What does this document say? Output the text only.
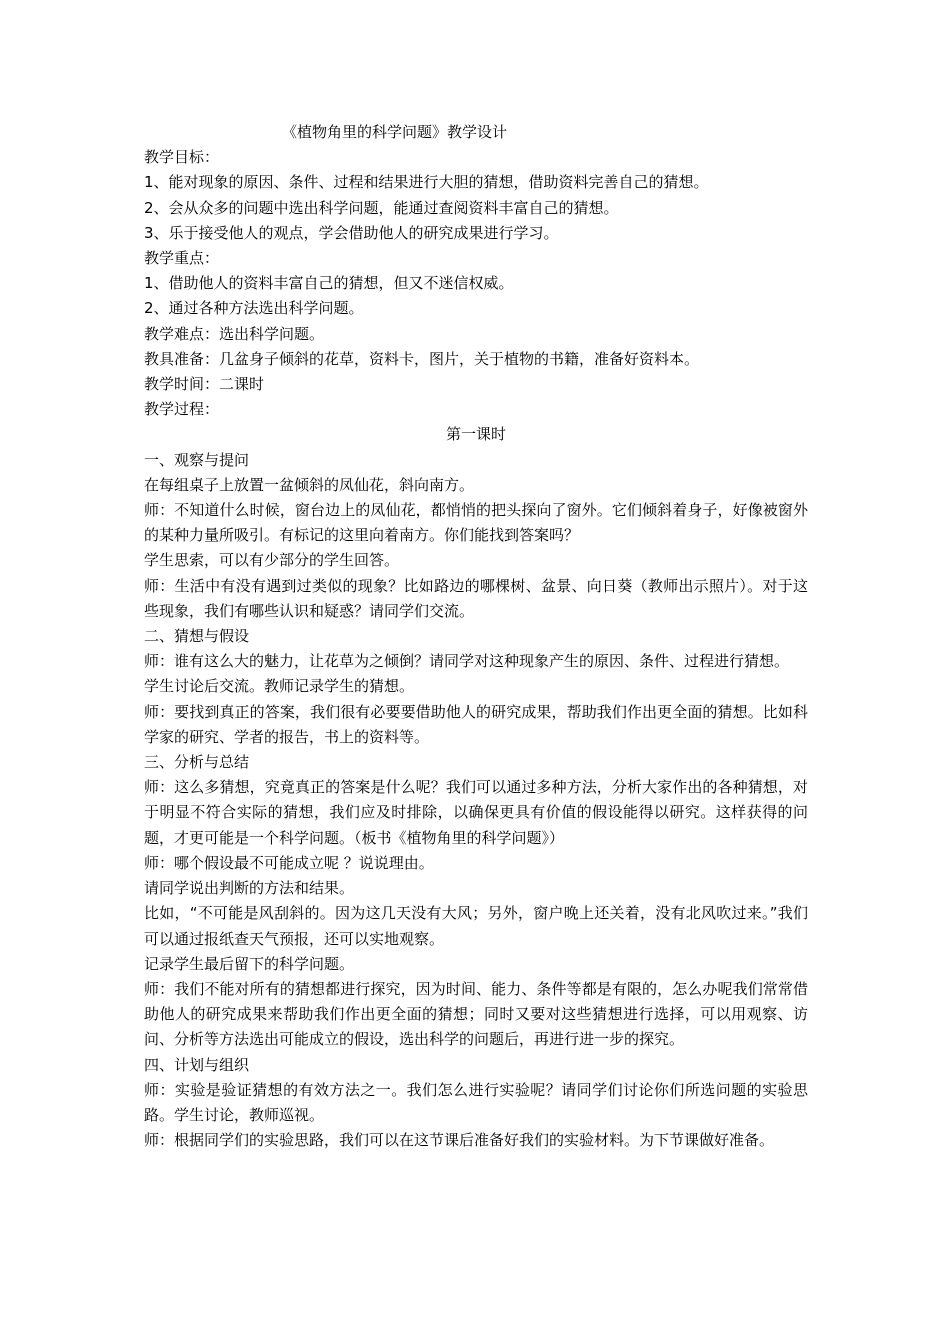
《植物角里的科学问题》教学设计

教学目标：

1、能对现象的原因、条件、过程和结果进行大胆的猜想，借助资料完善自己的猜想。

2、会从众多的问题中选出科学问题，能通过查阅资料丰富自己的猜想。

3、乐于接受他人的观点，学会借助他人的研究成果进行学习。

教学重点：

1、借助他人的资料丰富自己的猜想，但又不迷信权威。

2、通过各种方法选出科学问题。

教学难点：选出科学问题。

教具准备：几盆身子倾斜的花草，资料卡，图片，关于植物的书籍，准备好资料本。

教学时间：二课时

教学过程：

第一课时

一、观察与提问

在每组桌子上放置一盆倾斜的凤仙花，斜向南方。

师：不知道什么时候，窗台边上的凤仙花，都悄悄的把头探向了窗外。它们倾斜着身子，好像被窗外的某种力量所吸引。有标记的这里向着南方。你们能找到答案吗？

学生思索，可以有少部分的学生回答。

师：生活中有没有遇到过类似的现象？比如路边的哪棵树、盆景、向日葵（教师出示照片）。对于这些现象，我们有哪些认识和疑惑？请同学们交流。

二、猜想与假设

师：谁有这么大的魅力，让花草为之倾倒？请同学对这种现象产生的原因、条件、过程进行猜想。

学生讨论后交流。教师记录学生的猜想。

师：要找到真正的答案，我们很有必要要借助他人的研究成果，帮助我们作出更全面的猜想。比如科学家的研究、学者的报告，书上的资料等。

三、分析与总结

师：这么多猜想，究竟真正的答案是什么呢？我们可以通过多种方法，分析大家作出的各种猜想，对于明显不符合实际的猜想，我们应及时排除，以确保更具有价值的假设能得以研究。这样获得的问题，才更可能是一个科学问题。（板书《植物角里的科学问题》）

师：哪个假设最不可能成立呢 ？说说理由。

请同学说出判断的方法和结果。

比如，“不可能是风刮斜的。因为这几天没有大风；另外，窗户晚上还关着，没有北风吹过来。”我们可以通过报纸查天气预报，还可以实地观察。

记录学生最后留下的科学问题。

师：我们不能对所有的猜想都进行探究，因为时间、能力、条件等都是有限的，怎么办呢我们常常借助他人的研究成果来帮助我们作出更全面的猜想；同时又要对这些猜想进行选择，可以用观察、访问、分析等方法选出可能成立的假设，选出科学的问题后，再进行进一步的探究。

四、计划与组织

师：实验是验证猜想的有效方法之一。我们怎么进行实验呢？请同学们讨论你们所选问题的实验思路。学生讨论，教师巡视。

师：根据同学们的实验思路，我们可以在这节课后准备好我们的实验材料。为下节课做好准备。
